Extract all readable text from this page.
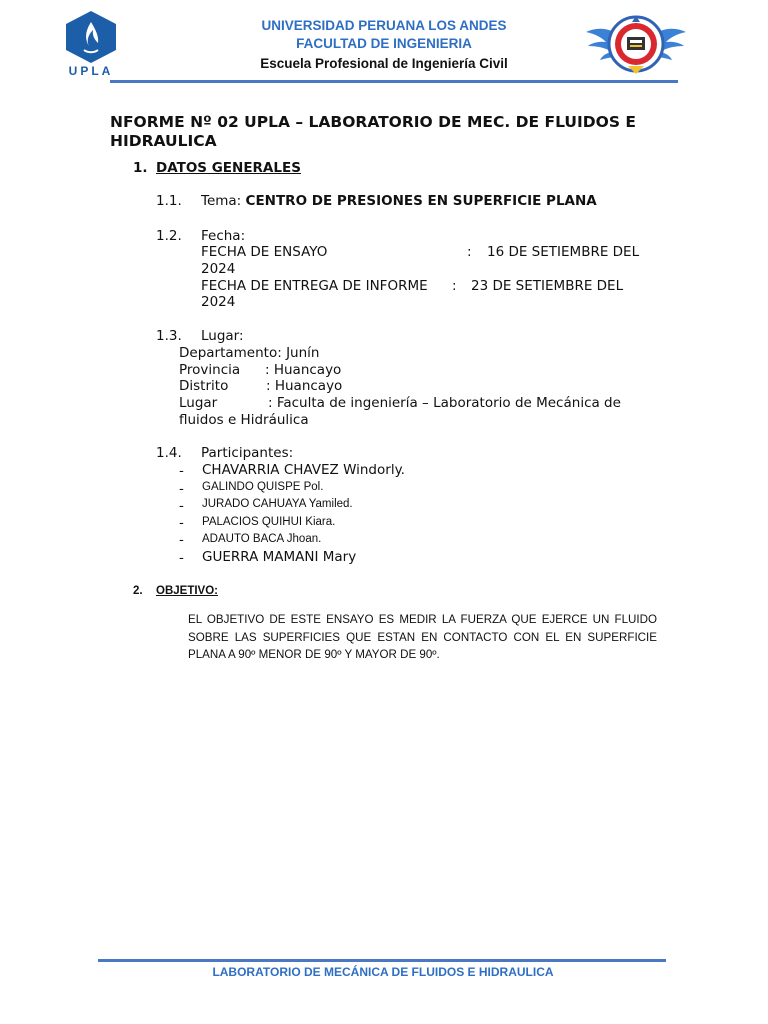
UPLA
UNIVERSIDAD PERUANA LOS ANDES
FACULTAD DE INGENIERIA
Escuela Profesional de Ingeniería Civil
NFORME Nº 02 UPLA – LABORATORIO DE MEC. DE FLUIDOS E HIDRAULICA
1. DATOS GENERALES
1.1. Tema: CENTRO DE PRESIONES EN SUPERFICIE PLANA
1.2. Fecha:
FECHA DE ENSAYO	: 16 DE SETIEMBRE DEL
2024
FECHA DE ENTREGA DE INFORME : 23 DE SETIEMBRE DEL
2024
1.3. Lugar:
Departamento: Junín
Provincia : Huancayo
Distrito	: Huancayo
Lugar	: Faculta de ingeniería – Laboratorio de Mecánica de
fluidos e Hidráulica
1.4. Participantes:
- CHAVARRIA CHAVEZ Windorly.
- GALINDO QUISPE Pol.
- JURADO CAHUAYA Yamiled.
- PALACIOS QUIHUI Kiara.
- ADAUTO BACA Jhoan.
- GUERRA MAMANI Mary
2. OBJETIVO:
EL OBJETIVO DE ESTE ENSAYO ES MEDIR LA FUERZA QUE EJERCE UN FLUIDO SOBRE LAS SUPERFICIES QUE ESTAN EN CONTACTO CON EL EN SUPERFICIE PLANA A 90º MENOR DE 90º Y MAYOR DE 90º.
LABORATORIO DE MECÁNICA DE FLUIDOS E HIDRAULICA
